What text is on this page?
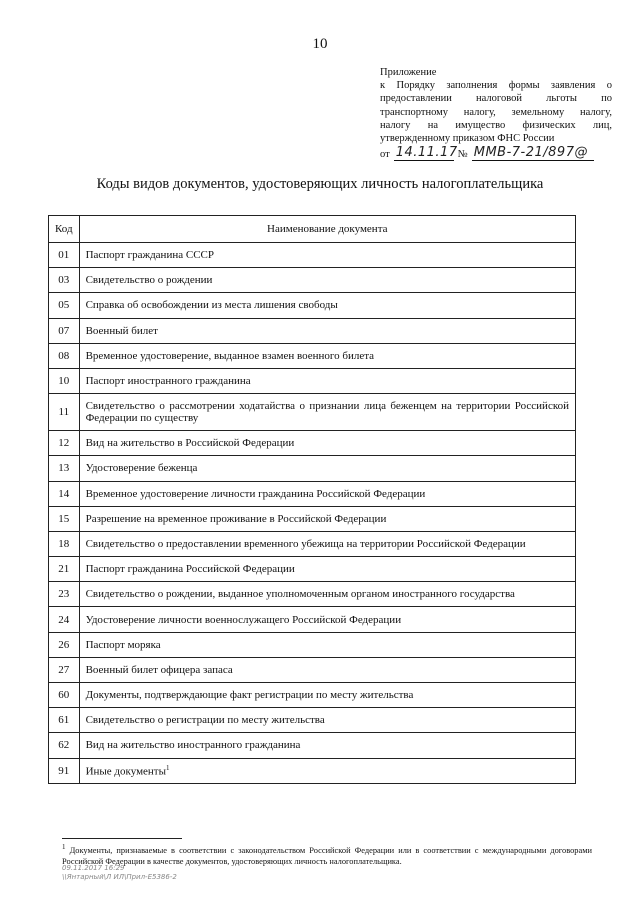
10
Приложение
к Порядку заполнения формы заявления о
предоставлении налоговой льготы по
транспортному налогу, земельному налогу,
налогу на имущество физических лиц,
утвержденному приказом ФНС России
от 14.11.17 № ММВ-7-21/897@
Коды видов документов, удостоверяющих личность налогоплательщика
Код	Наименование документа
01	Паспорт гражданина СССР
03	Свидетельство о рождении
05	Справка об освобождении из места лишения свободы
07	Военный билет
08	Временное удостоверение, выданное взамен военного билета
10	Паспорт иностранного гражданина
11	Свидетельство о рассмотрении ходатайства о признании лица беженцем на территории Российской Федерации по существу
12	Вид на жительство в Российской Федерации
13	Удостоверение беженца
14	Временное удостоверение личности гражданина Российской Федерации
15	Разрешение на временное проживание в Российской Федерации
18	Свидетельство о предоставлении временного убежища на территории Российской Федерации
21	Паспорт гражданина Российской Федерации
23	Свидетельство о рождении, выданное уполномоченным органом иностранного государства
24	Удостоверение личности военнослужащего Российской Федерации
26	Паспорт моряка
27	Военный билет офицера запаса
60	Документы, подтверждающие факт регистрации по месту жительства
61	Свидетельство о регистрации по месту жительства
62	Вид на жительство иностранного гражданина
91	Иные документы$^1$
$^1$ Документы, признаваемые в соответствии с законодательством Российской Федерации или в соответствии с международными договорами Российской Федерации в качестве документов, удостоверяющих личность налогоплательщика.
09.11.2017 16:29
\\Янтарный\Л ИЛ\Прил-Е5386-2
